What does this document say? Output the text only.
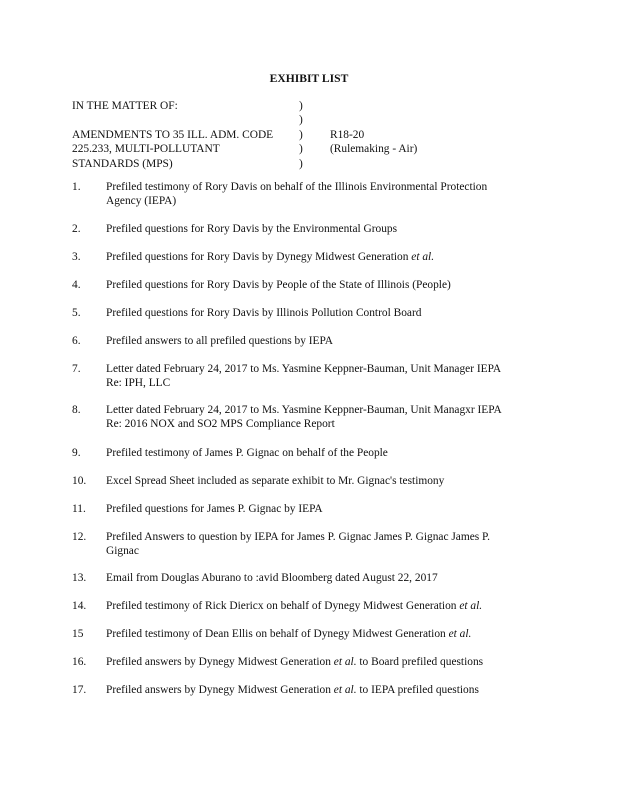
EXHIBIT LIST
IN THE MATTER OF:	)
)
AMENDMENTS TO 35 ILL. ADM. CODE ) R18-20
225.233, MULTI-POLLUTANT	) (Rulemaking - Air)
STANDARDS (MPS)	)
1.	Prefiled testimony of Rory Davis on behalf of the Illinois Environmental Protection
Agency (IEPA)
2.	Prefiled questions for Rory Davis by the Environmental Groups
3.	Prefiled questions for Rory Davis by Dynegy Midwest Generation et al.
4.	Prefiled questions for Rory Davis by People of the State of Illinois (People)
5.	Prefiled questions for Rory Davis by Illinois Pollution Control Board
6.	Prefiled answers to all prefiled questions by IEPA
7.	Letter dated February 24, 2017 to Ms. Yasmine Keppner-Bauman, Unit Manager IEPA
Re: IPH, LLC
8.	Letter dated February 24, 2017 to Ms. Yasmine Keppner-Bauman, Unit Managxr IEPA
Re: 2016 NOX and SO2 MPS Compliance Report
9.	Prefiled testimony of James P. Gignac on behalf of the People
10.	Excel Spread Sheet included as separate exhibit to Mr. Gignac's testimony
11.	Prefiled questions for James P. Gignac by IEPA
12.	Prefiled Answers to question by IEPA for James P. Gignac James P. Gignac James P.
Gignac
13.	Email from Douglas Aburano to :avid Bloomberg dated August 22, 2017
14.	Prefiled testimony of Rick Diericx on behalf of Dynegy Midwest Generation et al.
15	Prefiled testimony of Dean Ellis on behalf of Dynegy Midwest Generation et al.
16.	Prefiled answers by Dynegy Midwest Generation et al. to Board prefiled questions
17.	Prefiled answers by Dynegy Midwest Generation et al. to IEPA prefiled questions
